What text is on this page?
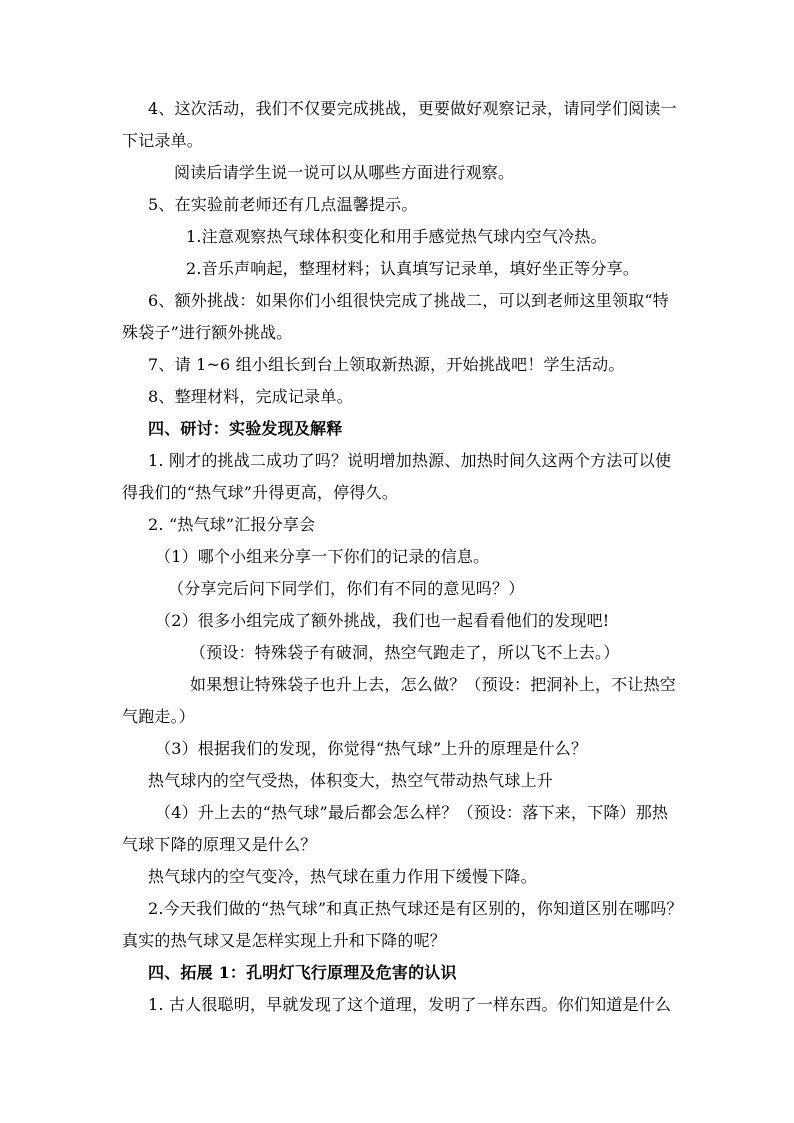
4、这次活动，我们不仅要完成挑战，更要做好观察记录，请同学们阅读一
下记录单。
阅读后请学生说一说可以从哪些方面进行观察。
5、在实验前老师还有几点温馨提示。
1.注意观察热气球体积变化和用手感觉热气球内空气冷热。
2.音乐声响起，整理材料；认真填写记录单，填好坐正等分享。
6、额外挑战：如果你们小组很快完成了挑战二，可以到老师这里领取“特
殊袋子”进行额外挑战。
7、请 1~6 组小组长到台上领取新热源，开始挑战吧！学生活动。
8、整理材料，完成记录单。
四、研讨：实验发现及解释
1. 刚才的挑战二成功了吗？说明增加热源、加热时间久这两个方法可以使
得我们的“热气球”升得更高，停得久。
2. “热气球”汇报分享会
（1）哪个小组来分享一下你们的记录的信息。
（分享完后问下同学们，你们有不同的意见吗？）
（2）很多小组完成了额外挑战，我们也一起看看他们的发现吧!
（预设：特殊袋子有破洞，热空气跑走了，所以飞不上去。）
如果想让特殊袋子也升上去，怎么做？（预设：把洞补上，不让热空
气跑走。）
（3）根据我们的发现，你觉得“热气球”上升的原理是什么？
热气球内的空气受热，体积变大，热空气带动热气球上升
（4）升上去的“热气球”最后都会怎么样？（预设：落下来，下降）那热
气球下降的原理又是什么？
热气球内的空气变冷，热气球在重力作用下缓慢下降。
2.今天我们做的“热气球”和真正热气球还是有区别的，你知道区别在哪吗？
真实的热气球又是怎样实现上升和下降的呢？
四、拓展 1：孔明灯飞行原理及危害的认识
1. 古人很聪明，早就发现了这个道理，发明了一样东西。你们知道是什么
